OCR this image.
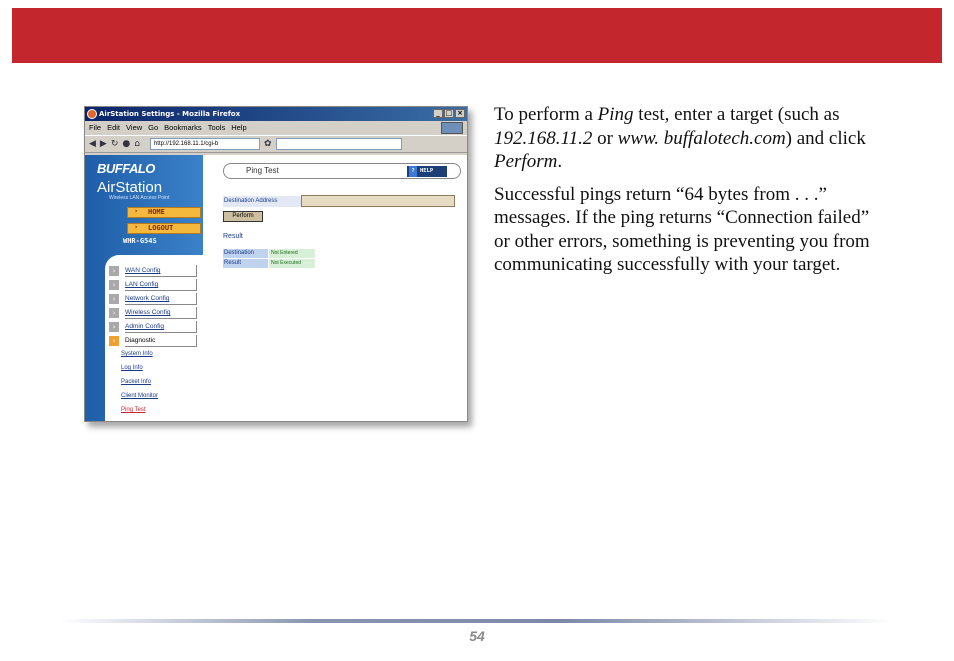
AirStation Settings - Mozilla Firefox	_ □ ×
File Edit View Go Bookmarks Tools Help
◀ ▶ ↻ ● ⌂	http://192.168.11.1/cgi-b	✿
BUFFALO
AirStation
Wireless LAN Access Point
› HOME
› LOGOUT
WHR-G54S
›	WAN Config
›	LAN Config
›	Network Config
›	Wireless Config
›	Admin Config
›	Diagnostic
System Info
Log Info
Packet Info
Client Monitor
Ping Test
Ping Test
?	HELP
Destination Address
Perform
Result
Destination	Not Entered
Result	Not Executed

To perform a Ping test, enter a target (such as 192.168.11.2 or www. buffalotech.com) and click Perform.

Successful pings return “64 bytes from . . .” messages. If the ping returns “Connection failed” or other errors, something is preventing you from communicating successfully with your target.

54
